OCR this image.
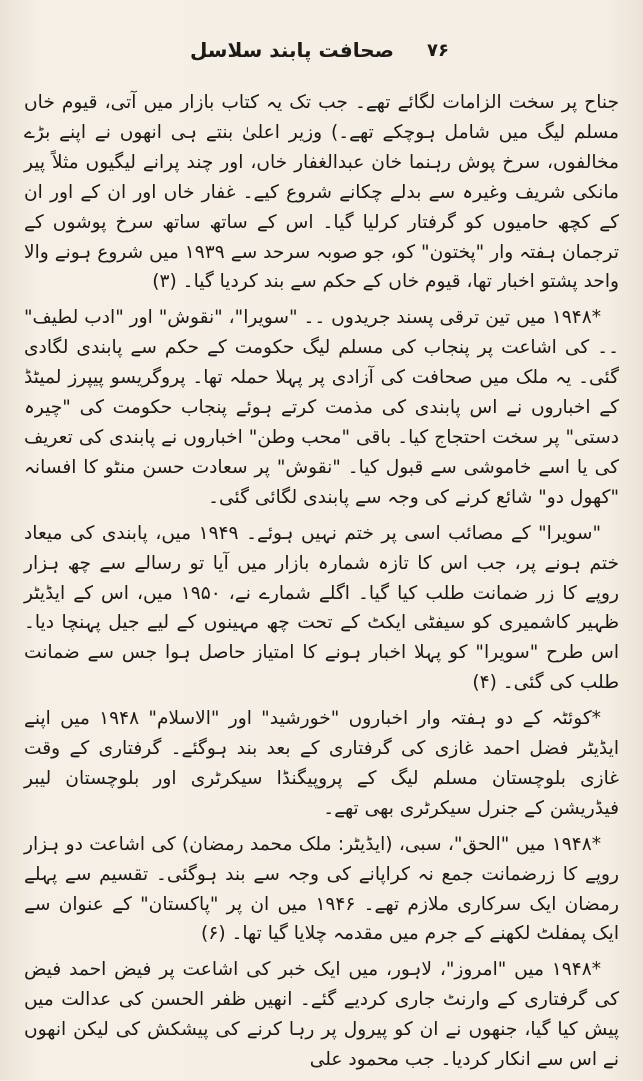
صحافت پابند سلاسل ۷۶

جناح پر سخت الزامات لگائے تھے۔ جب تک یہ کتاب بازار میں آتی، قیوم خاں مسلم لیگ میں شامل ہوچکے تھے۔) وزیر اعلیٰ بنتے ہی انھوں نے اپنے بڑے مخالفوں، سرخ پوش رہنما خان عبدالغفار خاں، اور چند پرانے لیگیوں مثلاً پیر مانکی شریف وغیرہ سے بدلے چکانے شروع کیے۔ غفار خاں اور ان کے اور ان کے کچھ حامیوں کو گرفتار کرلیا گیا۔ اس کے ساتھ ساتھ سرخ پوشوں کے ترجمان ہفتہ وار "پختون" کو، جو صوبہ سرحد سے ۱۹۳۹ میں شروع ہونے والا واحد پشتو اخبار تھا، قیوم خاں کے حکم سے بند کردیا گیا۔ (۳)

*۱۹۴۸ میں تین ترقی پسند جریدوں ۔۔ "سویرا"، "نقوش" اور "ادب لطیف" ۔۔ کی اشاعت پر پنجاب کی مسلم لیگ حکومت کے حکم سے پابندی لگادی گئی۔ یہ ملک میں صحافت کی آزادی پر پہلا حملہ تھا۔ پروگریسو پیپرز لمیٹڈ کے اخباروں نے اس پابندی کی مذمت کرتے ہوئے پنجاب حکومت کی "چیرہ دستی" پر سخت احتجاج کیا۔ باقی "محب وطن" اخباروں نے پابندی کی تعریف کی یا اسے خاموشی سے قبول کیا۔ "نقوش" پر سعادت حسن منٹو کا افسانہ "کھول دو" شائع کرنے کی وجہ سے پابندی لگائی گئی۔

"سویرا" کے مصائب اسی پر ختم نہیں ہوئے۔ ۱۹۴۹ میں، پابندی کی میعاد ختم ہونے پر، جب اس کا تازہ شمارہ بازار میں آیا تو رسالے سے چھ ہزار روپے کا زر ضمانت طلب کیا گیا۔ اگلے شمارے نے، ۱۹۵۰ میں، اس کے ایڈیٹر ظہیر کاشمیری کو سیفٹی ایکٹ کے تحت چھ مہینوں کے لیے جیل پہنچا دیا۔ اس طرح "سویرا" کو پہلا اخبار ہونے کا امتیاز حاصل ہوا جس سے ضمانت طلب کی گئی۔ (۴)

*کوئٹہ کے دو ہفتہ وار اخباروں "خورشید" اور "الاسلام" ۱۹۴۸ میں اپنے ایڈیٹر فضل احمد غازی کی گرفتاری کے بعد بند ہوگئے۔ گرفتاری کے وقت غازی بلوچستان مسلم لیگ کے پروپیگنڈا سیکرٹری اور بلوچستان لیبر فیڈریشن کے جنرل سیکرٹری بھی تھے۔

*۱۹۴۸ میں "الحق"، سبی، (ایڈیٹر: ملک محمد رمضان) کی اشاعت دو ہزار روپے کا زرضمانت جمع نہ کراپانے کی وجہ سے بند ہوگئی۔ تقسیم سے پہلے رمضان ایک سرکاری ملازم تھے۔ ۱۹۴۶ میں ان پر "پاکستان" کے عنوان سے ایک پمفلٹ لکھنے کے جرم میں مقدمہ چلایا گیا تھا۔ (۶)

*۱۹۴۸ میں "امروز"، لاہور، میں ایک خبر کی اشاعت پر فیض احمد فیض کی گرفتاری کے وارنٹ جاری کردیے گئے۔ انھیں ظفر الحسن کی عدالت میں پیش کیا گیا، جنھوں نے ان کو پیرول پر رہا کرنے کی پیشکش کی لیکن انھوں نے اس سے انکار کردیا۔ جب محمود علی
